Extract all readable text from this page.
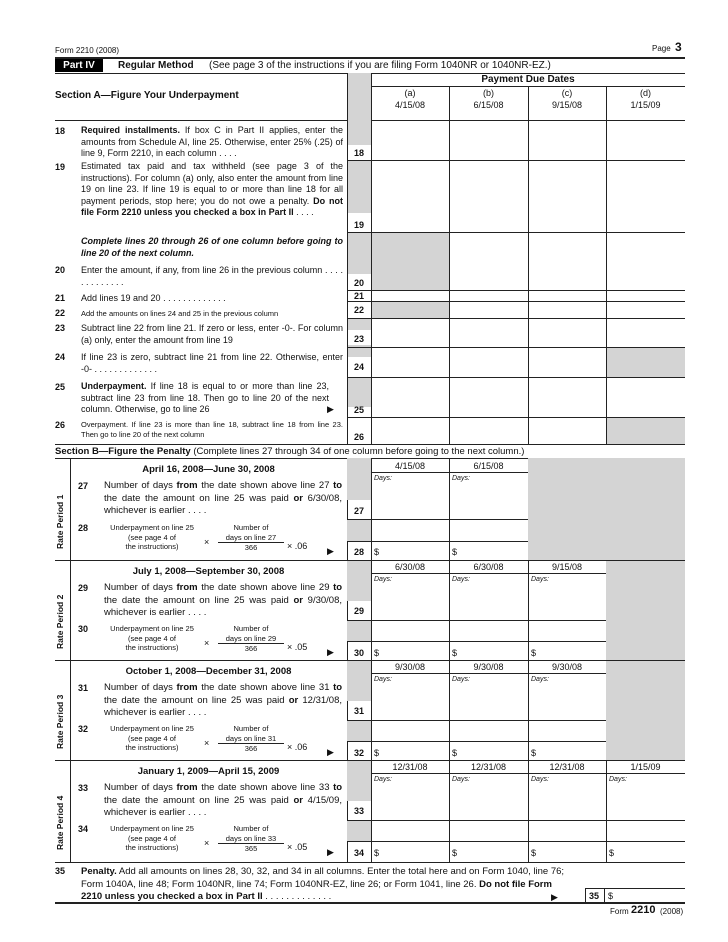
Form 2210 (2008)	Page 3
Part IV	Regular Method (See page 3 of the instructions if you are filing Form 1040NR or 1040NR-EZ.)
Payment Due Dates
Section A—Figure Your Underpayment	(a)
4/15/08
(b)
6/15/08
(c)
9/15/08
(d)
1/15/09
18 Required installments. If box C in Part II applies, enter the amounts from Schedule AI, line 25. Otherwise, enter 25% (.25) of line 9, Form 2210, in each column . . . .	18
19 Estimated tax paid and tax withheld (see page 3 of the instructions). For column (a) only, also enter the amount from line 19 on line 23. If line 19 is equal to or more than line 18 for all payment periods, stop here; you do not owe a penalty. Do not file Form 2210 unless you checked a box in Part II . . . .
19
Complete lines 20 through 26 of one column before going to line 20 of the next column.
20 Enter the amount, if any, from line 26 in the previous column . . . . . . . . . . . . .	20
21 Add lines 19 and 20 . . . . . . . . . . . . .	21
22 Add the amounts on lines 24 and 25 in the previous column	22
23 Subtract line 22 from line 21. If zero or less, enter -0-. For column (a) only, enter the amount from line 19	23
24 If line 23 is zero, subtract line 21 from line 22. Otherwise, enter -0- . . . . . . . . . . . . .	24
25 Underpayment. If line 18 is equal to or more than line 23, subtract line 23 from line 18. Then go to line 20 of the next column. Otherwise, go to line 26	▶ 25
26 Overpayment. If line 23 is more than line 18, subtract line 18 from line 23. Then go to line 20 of the next column	26
Section B—Figure the Penalty (Complete lines 27 through 34 of one column before going to the next column.)
Rate Period 1
April 16, 2008—June 30, 2008	4/15/08	6/15/08
Days:	Days:
27 Number of days from the date shown above line 27 to the date the amount on line 25 was paid or 6/30/08, whichever is earlier . . . .	27
28	Underpayment on line 25
(see page 4 of
the instructions)	×
Number of
days on line 27
366	× .06 ▶ 28	$	$
Rate Period 2
July 1, 2008—September 30, 2008	6/30/08	6/30/08	9/15/08
Days:	Days:	Days:
29 Number of days from the date shown above line 29 to the date the amount on line 25 was paid or 9/30/08, whichever is earlier . . . .	29
30	Underpayment on line 25
(see page 4 of
the instructions)	×
Number of
days on line 29
366	× .05 ▶ 30	$	$	$
Rate Period 3
October 1, 2008—December 31, 2008	9/30/08	9/30/08	9/30/08
Days:	Days:	Days:
31 Number of days from the date shown above line 31 to the date the amount on line 25 was paid or 12/31/08, whichever is earlier . . . .	31
32	Underpayment on line 25
(see page 4 of
the instructions)	×
Number of
days on line 31
366	× .06 ▶ 32	$	$	$
Rate Period 4
January 1, 2009—April 15, 2009	12/31/08	12/31/08	12/31/08	1/15/09
Days:	Days:	Days:	Days:
33 Number of days from the date shown above line 33 to the date the amount on line 25 was paid or 4/15/09, whichever is earlier . . . .	33
34	Underpayment on line 25
(see page 4 of
the instructions)	×
Number of
days on line 33
365	× .05 ▶ 34	$	$	$	$
35 Penalty. Add all amounts on lines 28, 30, 32, and 34 in all columns. Enter the total here and on Form 1040, line 76; Form 1040A, line 48; Form 1040NR, line 74; Form 1040NR-EZ, line 26; or Form 1041, line 26. Do not file Form 2210 unless you checked a box in Part II . . . . . . . . . . . . .	▶	35 $
Form 2210 (2008)
